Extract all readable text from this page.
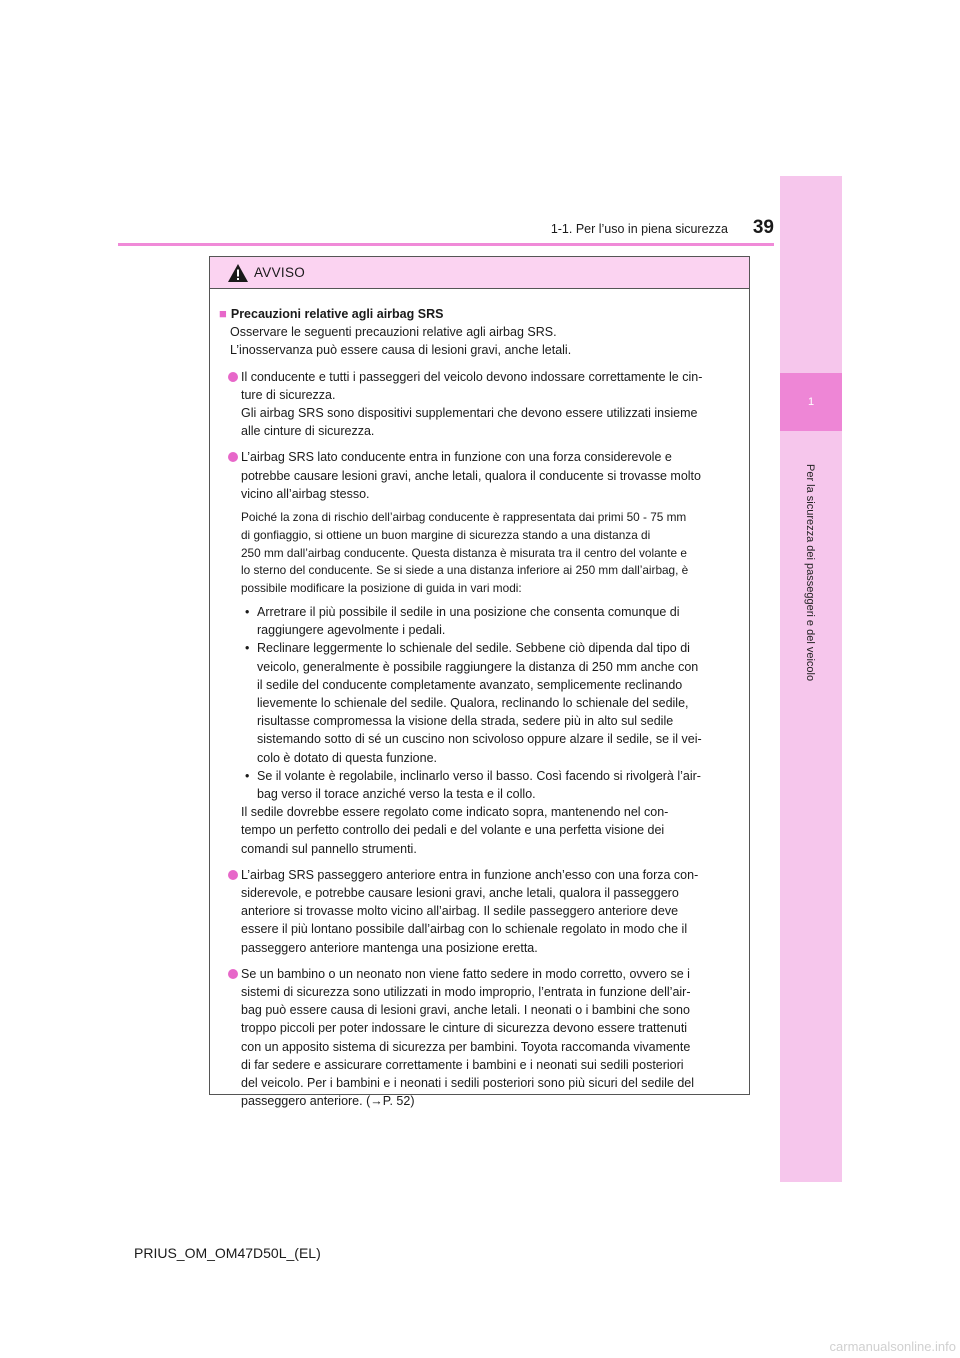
39
1-1. Per l’uso in piena sicurezza
1
Per la sicurezza dei passeggeri e del veicolo
AVVISO
■ Precauzioni relative agli airbag SRS
Osservare le seguenti precauzioni relative agli airbag SRS.
L’inosservanza può essere causa di lesioni gravi, anche letali.
Il conducente e tutti i passeggeri del veicolo devono indossare correttamente le cin-
ture di sicurezza.
Gli airbag SRS sono dispositivi supplementari che devono essere utilizzati insieme
alle cinture di sicurezza.
L’airbag SRS lato conducente entra in funzione con una forza considerevole e
potrebbe causare lesioni gravi, anche letali, qualora il conducente si trovasse molto
vicino all’airbag stesso.
Poiché la zona di rischio dell’airbag conducente è rappresentata dai primi 50 - 75 mm
di gonfiaggio, si ottiene un buon margine di sicurezza stando a una distanza di
250 mm dall’airbag conducente. Questa distanza è misurata tra il centro del volante e
lo sterno del conducente. Se si siede a una distanza inferiore ai 250 mm dall’airbag, è
possibile modificare la posizione di guida in vari modi:
• Arretrare il più possibile il sedile in una posizione che consenta comunque di
raggiungere agevolmente i pedali.
• Reclinare leggermente lo schienale del sedile. Sebbene ciò dipenda dal tipo di
veicolo, generalmente è possibile raggiungere la distanza di 250 mm anche con
il sedile del conducente completamente avanzato, semplicemente reclinando
lievemente lo schienale del sedile. Qualora, reclinando lo schienale del sedile,
risultasse compromessa la visione della strada, sedere più in alto sul sedile
sistemando sotto di sé un cuscino non scivoloso oppure alzare il sedile, se il vei-
colo è dotato di questa funzione.
• Se il volante è regolabile, inclinarlo verso il basso. Così facendo si rivolgerà l’air-
bag verso il torace anziché verso la testa e il collo.
Il sedile dovrebbe essere regolato come indicato sopra, mantenendo nel con-
tempo un perfetto controllo dei pedali e del volante e una perfetta visione dei
comandi sul pannello strumenti.
L’airbag SRS passeggero anteriore entra in funzione anch’esso con una forza con-
siderevole, e potrebbe causare lesioni gravi, anche letali, qualora il passeggero
anteriore si trovasse molto vicino all’airbag. Il sedile passeggero anteriore deve
essere il più lontano possibile dall’airbag con lo schienale regolato in modo che il
passeggero anteriore mantenga una posizione eretta.
Se un bambino o un neonato non viene fatto sedere in modo corretto, ovvero se i
sistemi di sicurezza sono utilizzati in modo improprio, l’entrata in funzione dell’air-
bag può essere causa di lesioni gravi, anche letali. I neonati o i bambini che sono
troppo piccoli per poter indossare le cinture di sicurezza devono essere trattenuti
con un apposito sistema di sicurezza per bambini. Toyota raccomanda vivamente
di far sedere e assicurare correttamente i bambini e i neonati sui sedili posteriori
del veicolo. Per i bambini e i neonati i sedili posteriori sono più sicuri del sedile del
passeggero anteriore. (→P. 52)
PRIUS_OM_OM47D50L_(EL)
carmanualsonline.info
